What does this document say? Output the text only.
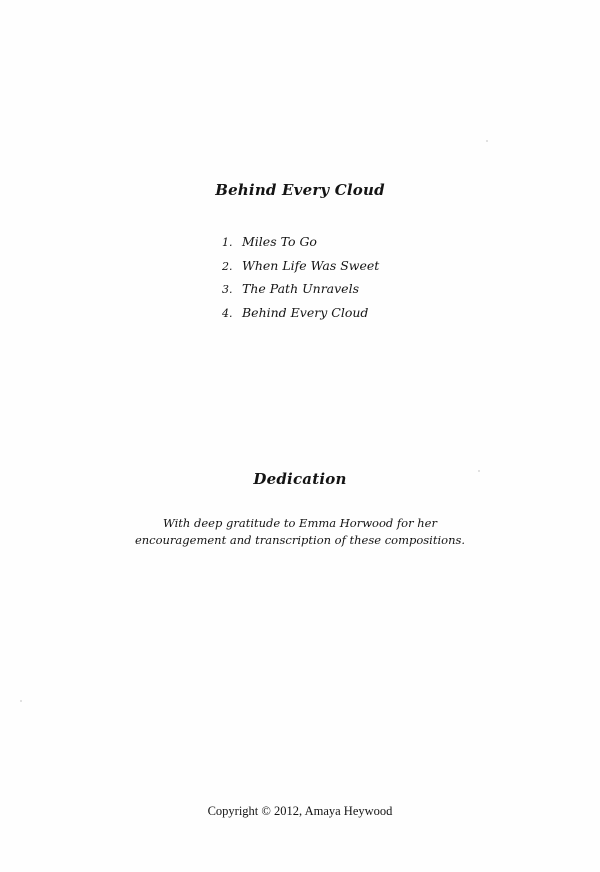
Behind Every Cloud
1. Miles To Go
2. When Life Was Sweet
3. The Path Unravels
4. Behind Every Cloud
Dedication
With deep gratitude to Emma Horwood for her
encouragement and transcription of these compositions.
Copyright © 2012, Amaya Heywood
